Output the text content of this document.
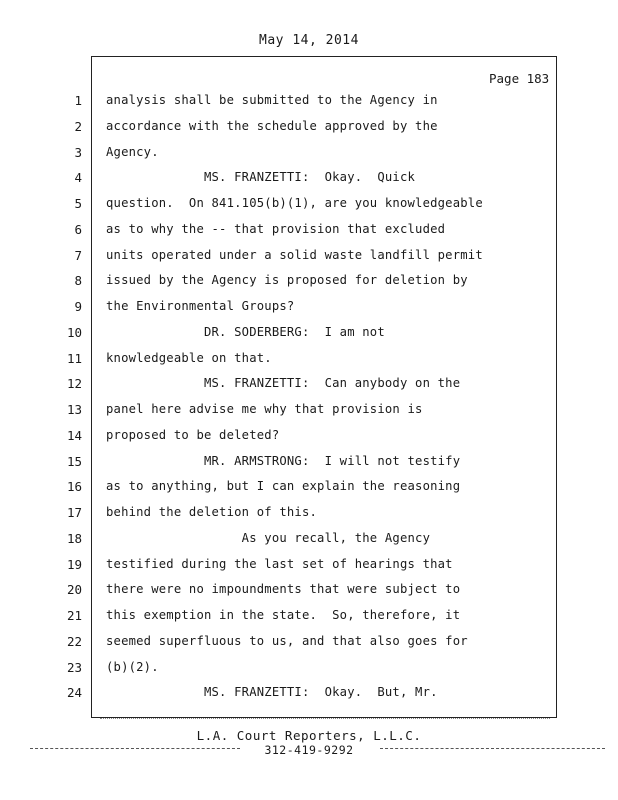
May 14, 2014
Page 183
1
2
3
4
5
6
7
8
9
10
11
12
13
14
15
16
17
18
19
20
21
22
23
24
analysis shall be submitted to the Agency in
accordance with the schedule approved by the
Agency.
MS. FRANZETTI:  Okay.  Quick
question.  On 841.105(b)(1), are you knowledgeable
as to why the -- that provision that excluded
units operated under a solid waste landfill permit
issued by the Agency is proposed for deletion by
the Environmental Groups?
DR. SODERBERG:  I am not
knowledgeable on that.
MS. FRANZETTI:  Can anybody on the
panel here advise me why that provision is
proposed to be deleted?
MR. ARMSTRONG:  I will not testify
as to anything, but I can explain the reasoning
behind the deletion of this.
As you recall, the Agency
testified during the last set of hearings that
there were no impoundments that were subject to
this exemption in the state.  So, therefore, it
seemed superfluous to us, and that also goes for
(b)(2).
MS. FRANZETTI:  Okay.  But, Mr.
L.A. Court Reporters, L.L.C.
312-419-9292
